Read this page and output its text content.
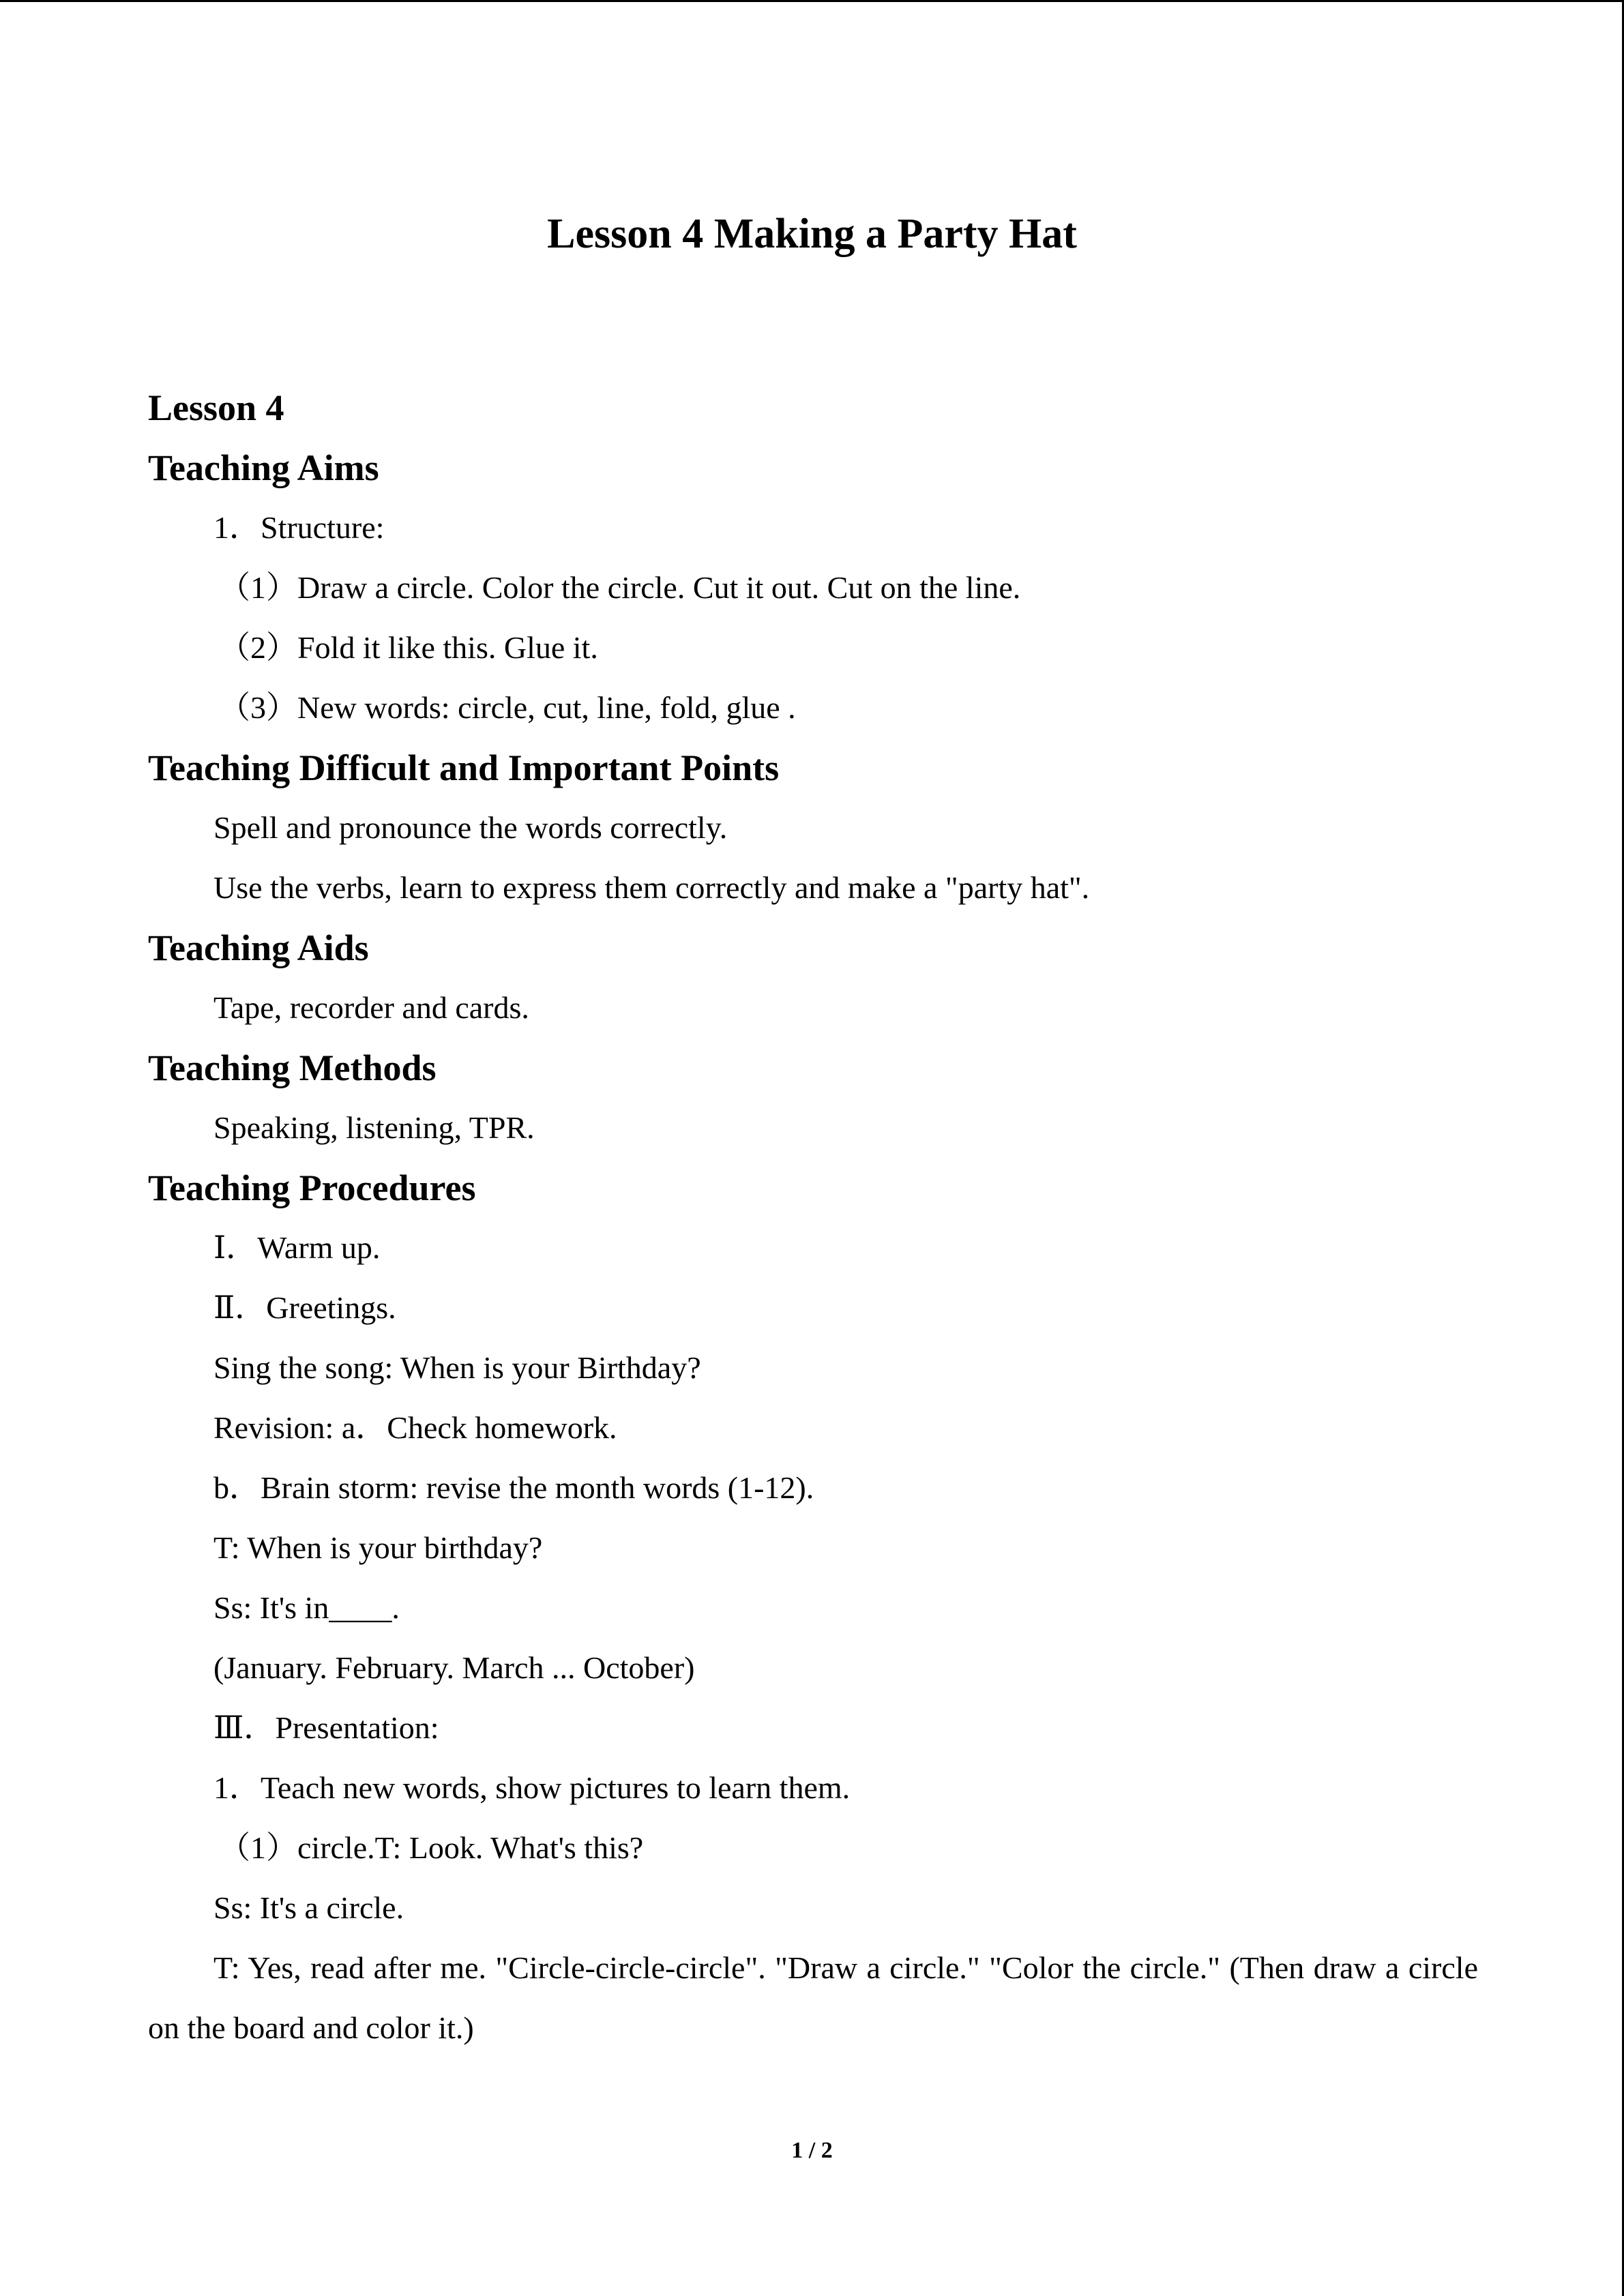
Lesson 4 Making a Party Hat
Lesson 4
Teaching Aims
1．Structure:
（1）Draw a circle. Color the circle. Cut it out. Cut on the line.
（2）Fold it like this. Glue it.
（3）New words: circle, cut, line, fold, glue .
Teaching Difficult and Important Points
Spell and pronounce the words correctly.
Use the verbs, learn to express them correctly and make a "party hat".
Teaching Aids
Tape, recorder and cards.
Teaching Methods
Speaking, listening, TPR.
Teaching Procedures
Ⅰ．Warm up.
Ⅱ．Greetings.
Sing the song: When is your Birthday?
Revision: a．Check homework.
b．Brain storm: revise the month words (1-12).
T: When is your birthday?
Ss: It's in____.
(January. February. March ... October)
Ⅲ．Presentation:
1．Teach new words, show pictures to learn them.
（1）circle.T: Look. What's this?
Ss: It's a circle.
T: Yes, read after me. "Circle-circle-circle". "Draw a circle." "Color the circle." (Then draw a circle on the board and color it.)
1 / 2
